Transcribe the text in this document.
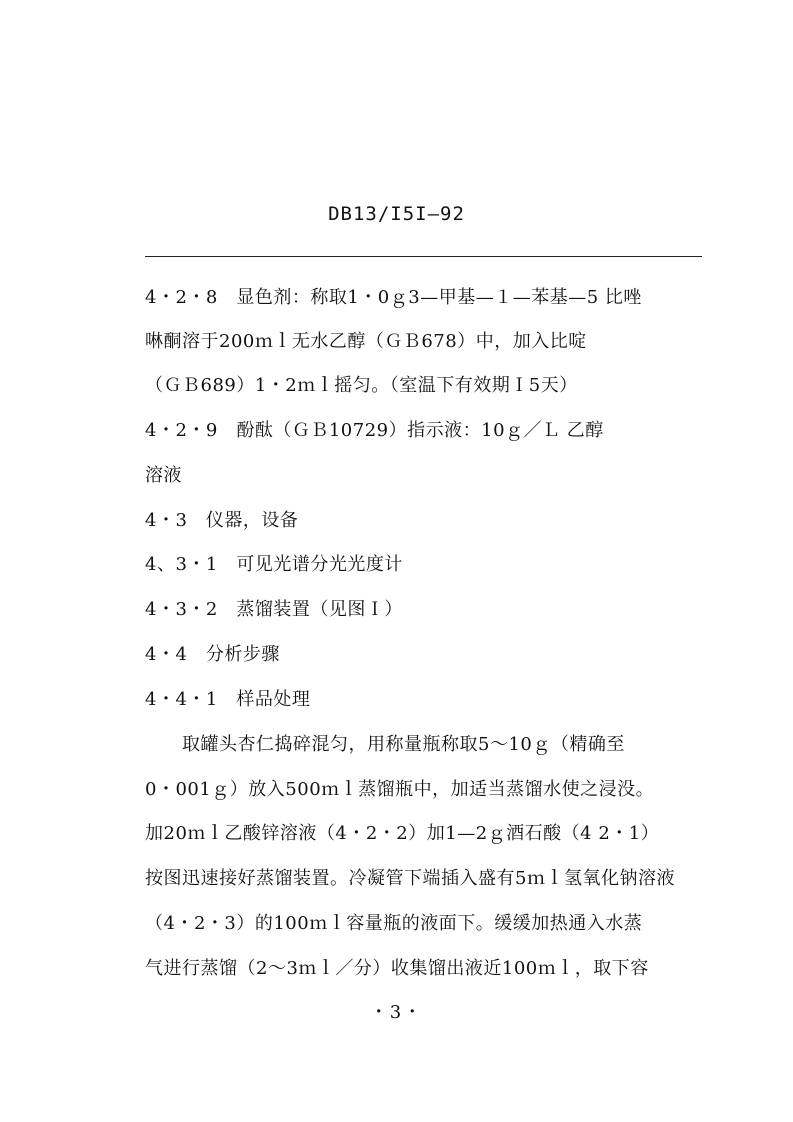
DB13/I5I—92
4・2・8　显色剂：称取1・0ｇ3—甲基—１—苯基—5 比唑
啉酮溶于200ｍｌ无水乙醇（ＧＢ678）中，加入比啶
（ＧＢ689）1・2ｍｌ摇匀。（室温下有效期Ｉ5天）
4・2・9　酚酞（ＧＢ10729）指示液：10ｇ／Ｌ 乙醇
溶液
4・3　仪器，设备
4、3・1　可见光谱分光光度计
4・3・2　蒸馏装置（见图Ｉ）
4・4　分析步骤
4・4・1　样品处理
取罐头杏仁捣碎混匀，用称量瓶称取5～10ｇ（精确至
0・001ｇ）放入500ｍｌ蒸馏瓶中，加适当蒸馏水使之浸没。
加20ｍｌ乙酸锌溶液（4・2・2）加1—2ｇ酒石酸（4 2・1）
按图迅速接好蒸馏装置。冷凝管下端插入盛有5ｍｌ氢氧化钠溶液
（4・2・3）的100ｍｌ容量瓶的液面下。缓缓加热通入水蒸
气进行蒸馏（2～3ｍｌ／分）收集馏出液近100ｍｌ，取下容
・3・
